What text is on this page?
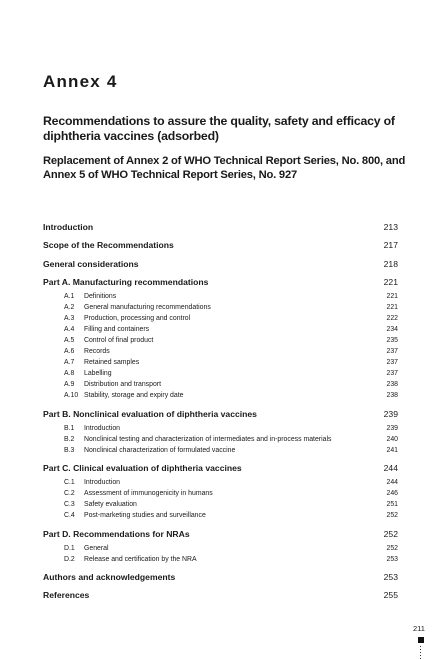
Annex 4
Recommendations to assure the quality, safety and efficacy of diphtheria vaccines (adsorbed)
Replacement of Annex 2 of WHO Technical Report Series, No. 800, and Annex 5 of WHO Technical Report Series, No. 927
Introduction	213
Scope of the Recommendations	217
General considerations	218
Part A. Manufacturing recommendations	221
A.1 Definitions	221
A.2 General manufacturing recommendations	221
A.3 Production, processing and control	222
A.4 Filling and containers	234
A.5 Control of final product	235
A.6 Records	237
A.7 Retained samples	237
A.8 Labelling	237
A.9 Distribution and transport	238
A.10 Stability, storage and expiry date	238
Part B. Nonclinical evaluation of diphtheria vaccines	239
B.1 Introduction	239
B.2 Nonclinical testing and characterization of intermediates and in-process materials	240
B.3 Nonclinical characterization of formulated vaccine	241
Part C. Clinical evaluation of diphtheria vaccines	244
C.1 Introduction	244
C.2 Assessment of immunogenicity in humans	246
C.3 Safety evaluation	251
C.4 Post-marketing studies and surveillance	252
Part D. Recommendations for NRAs	252
D.1 General	252
D.2 Release and certification by the NRA	253
Authors and acknowledgements	253
References	255
211
